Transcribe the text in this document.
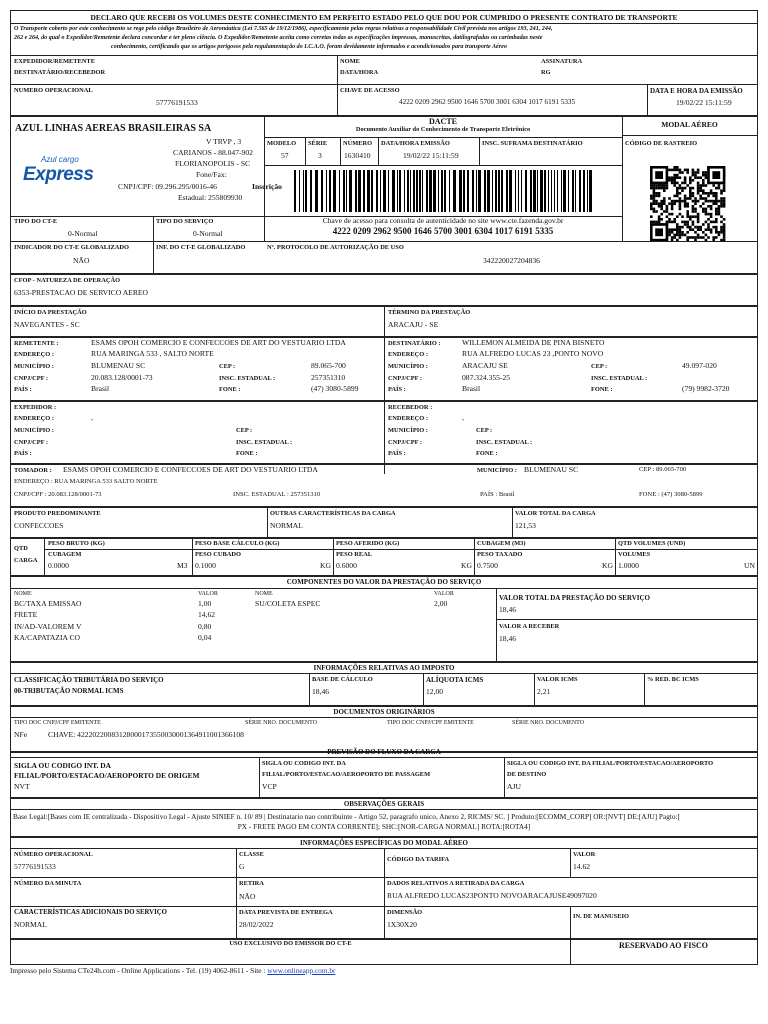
DECLARO QUE RECEBI OS VOLUMES DESTE CONHECIMENTO EM PERFEITO ESTADO PELO QUE DOU POR CUMPRIDO O PRESENTE CONTRATO DE TRANSPORTE
O Transporte coberto por este conhecimento se rege pelo código Brasileiro de Aeronáutica (Lei 7.565 de 19/12/1986), especificamente pelas regras relativas a responsabilidade Civil prevista nos artigos 193, 241, 244,
262 e 264, do qual o Expedidor/Remetente declara concordar e ter pleno ciência. O Expedidor/Remetente aceita como corretas todas as especificações impressas, manuscritas, datilografadas ou carimbadas neste
conhecimento, certificando que os artigos perigosos pela regulamentação do I.C.A.O. foram devidamente informados e acondicionados para transporte Aéreo
EXPEDIDOR/REMETENTE
DESTINATÁRIO/RECEBEDOR
NOME
DATA/HORA
ASSINATURA
RG
NUMERO OPERACIONAL
57776191533
CHAVE DE ACESSO
4222 0209 2962 9500 1646 5700 3001 6304 1017 6191 5335
DATA E HORA DA EMISSÃO
19/02/22 15:11:59
AZUL LINHAS AEREAS BRASILEIRAS SA
Azul cargo
Express
V TRVP , 3
CARIANOS - 88.047-902
FLORIANOPOLIS - SC
Fone/Fax:
CNPJ/CPF: 09.296.295/0016-46	Inscrição
Estadual: 255809930
DACTE
Documento Auxiliar do Conhecimento de Transporte Eletrônico
MODAL AÉREO
MODELO
57
SÉRIE
3
NÚMERO
1630410
DATA/HORA EMISSÃO
19/02/22 15:11:59
INSC. SUFRAMA DESTINATÁRIO	CÓDIGO DE RASTREIO
TIPO DO CT-E
0-Normal
TIPO DO SERVIÇO
0-Normal
Chave de acesso para consulta de autenticidade no site www.cte.fazenda.gov.br
4222 0209 2962 9500 1646 5700 3001 6304 1017 6191 5335
INDICADOR DO CT-E GLOBALIZADO
NÃO
INF. DO CT-E GLOBALIZADO	Nº. PROTOCOLO DE AUTORIZAÇÃO DE USO
342220027204836
CFOP - NATUREZA DE OPERAÇÃO
6353-PRESTACAO DE SERVICO AEREO
INÍCIO DA PRESTAÇÃO
NAVEGANTES - SC
TÉRMINO DA PRESTAÇÃO
ARACAJU - SE
REMETENTE :	ESAMS OPOH COMERCIO E CONFECCOES DE ART DO VESTUARIO LTDA
ENDEREÇO :	RUA MARINGA 533 , SALTO NORTE
MUNICÍPIO :	BLUMENAU SC	CEP :	89.065-700
CNPJ/CPF :	20.083.128/0001-73	INSC. ESTADUAL :	257351310
PAÍS :	Brasil	FONE :	(47) 3080-5899
DESTINATÁRIO :	WILLEMON ALMEIDA DE PINA BISNETO
ENDEREÇO :	RUA ALFREDO LUCAS 23 ,PONTO NOVO
MUNICÍPIO :	ARACAJU SE	CEP :	49.097-020
CNPJ/CPF :	087.324.355-25	INSC. ESTADUAL :
PAÍS :	Brasil	FONE :	(79) 9982-3720
EXPEDIDOR :
ENDEREÇO :	,
MUNICÍPIO :	CEP :
CNPJ/CPF :	INSC. ESTADUAL :
PAÍS :	FONE :
RECEBEDOR :
ENDEREÇO :	,
MUNICÍPIO :	CEP :
CNPJ/CPF :	INSC. ESTADUAL :
PAÍS :	FONE :
TOMADOR : ESAMS OPOH COMERCIO E CONFECCOES DE ART DO VESTUARIO LTDA	MUNICÍPIO : BLUMENAU SC	CEP : 89.065-700
ENDEREÇO : RUA MARINGA 533 SALTO NORTE
CNPJ/CPF : 20.083.128/0001-73	INSC. ESTADUAL : 257351310	PAÍS : Brasil	FONE : (47) 3080-5899
PRODUTO PREDOMINANTE
CONFECCOES
OUTRAS CARACTERÍSTICAS DA CARGA
NORMAL
VALOR TOTAL DA CARGA
121,53
QTD
CARGA
PESO BRUTO (KG)	PESO BASE CÁLCULO (KG)	PESO AFERIDO (KG)	CUBAGEM (M3)	QTD VOLUMES (UND)
CUBAGEM
0.0000	M3
PESO CUBADO
0.1000	KG
PESO REAL
0.6000	KG
PESO TAXADO
0.7500	KG
VOLUMES
1.0000	UN
COMPONENTES DO VALOR DA PRESTAÇÃO DO SERVIÇO
NOME	VALOR	NOME	VALOR	VALOR TOTAL DA PRESTAÇÃO DO SERVIÇO
18,46
VALOR A RECEBER
18,46
INFORMAÇÕES RELATIVAS AO IMPOSTO
CLASSIFICAÇÃO TRIBUTÁRIA DO SERVIÇO
00-TRIBUTAÇÃO NORMAL ICMS
BASE DE CÁLCULO
18,46
ALÍQUOTA ICMS
12,00
VALOR ICMS
2,21
% RED. BC ICMS
DOCUMENTOS ORIGINÁRIOS
TIPO DOC CNPJ/CPF EMITENTE	SÉRIE NRO. DOCUMENTO	TIPO DOC CNPJ/CPF EMITENTE	SÉRIE NRO. DOCUMENTO
NFe	CHAVE: 42220220083128000173550030001364911001366108
PREVISÃO DO FLUXO DA CARGA
SIGLA OU CODIGO INT. DA FILIAL/PORTO/ESTACAO/AEROPORTO DE ORIGEM
NVT
SIGLA OU CODIGO INT. DA
FILIAL/PORTO/ESTACAO/AEROPORTO DE PASSAGEM
VCP
SIGLA OU CODIGO INT. DA FILIAL/PORTO/ESTACAO/AEROPORTO
DE DESTINO
AJU
OBSERVAÇÕES GERAIS
Base Legal:[Bases com IE centralizada - Dispositivo Legal - Ajuste SINIEF n. 10/ 89 | Destinatario nao contribuinte - Artigo 52, paragrafo unico, Anexo 2, RICMS/ SC. ] Produto:[ECOMM_CORP] OR:[NVT] DE:[AJU] Pagto:[
PX - FRETE PAGO EM CONTA CORRENTE]; SHC:[NOR-CARGA NORMAL] ROTA:[ROTA4]
INFORMAÇÕES ESPECÍFICAS DO MODAL AÉREO
NÚMERO OPERACIONAL
57776191533
CLASSE
G
CÓDIGO DA TARIFA
VALOR
14.62
NÚMERO DA MINUTA	RETIRA
NÃO
DADOS RELATIVOS A RETIRADA DA CARGA
RUA ALFREDO LUCAS23PONTO NOVOARACAJUSE49097020
CARACTERÍSTICAS ADICIONAIS DO SERVIÇO
NORMAL
DATA PREVISTA DE ENTREGA
28/02/2022
DIMENSÃO
1X30X20
IN. DE MANUSEIO
USO EXCLUSIVO DO EMISSOR DO CT-E	RESERVADO AO FISCO
BC/TAXA EMISSAO	1,00
FRETE	14,62
IN/AD-VALOREM V	0,80
KA/CAPATAZIA CO	0,04
SU/COLETA ESPEC	2,00
Impresso pelo Sistema CTe24h.com - Online Applications - Tel. (19) 4062-8611 - Site : www.onlineapp.com.br
